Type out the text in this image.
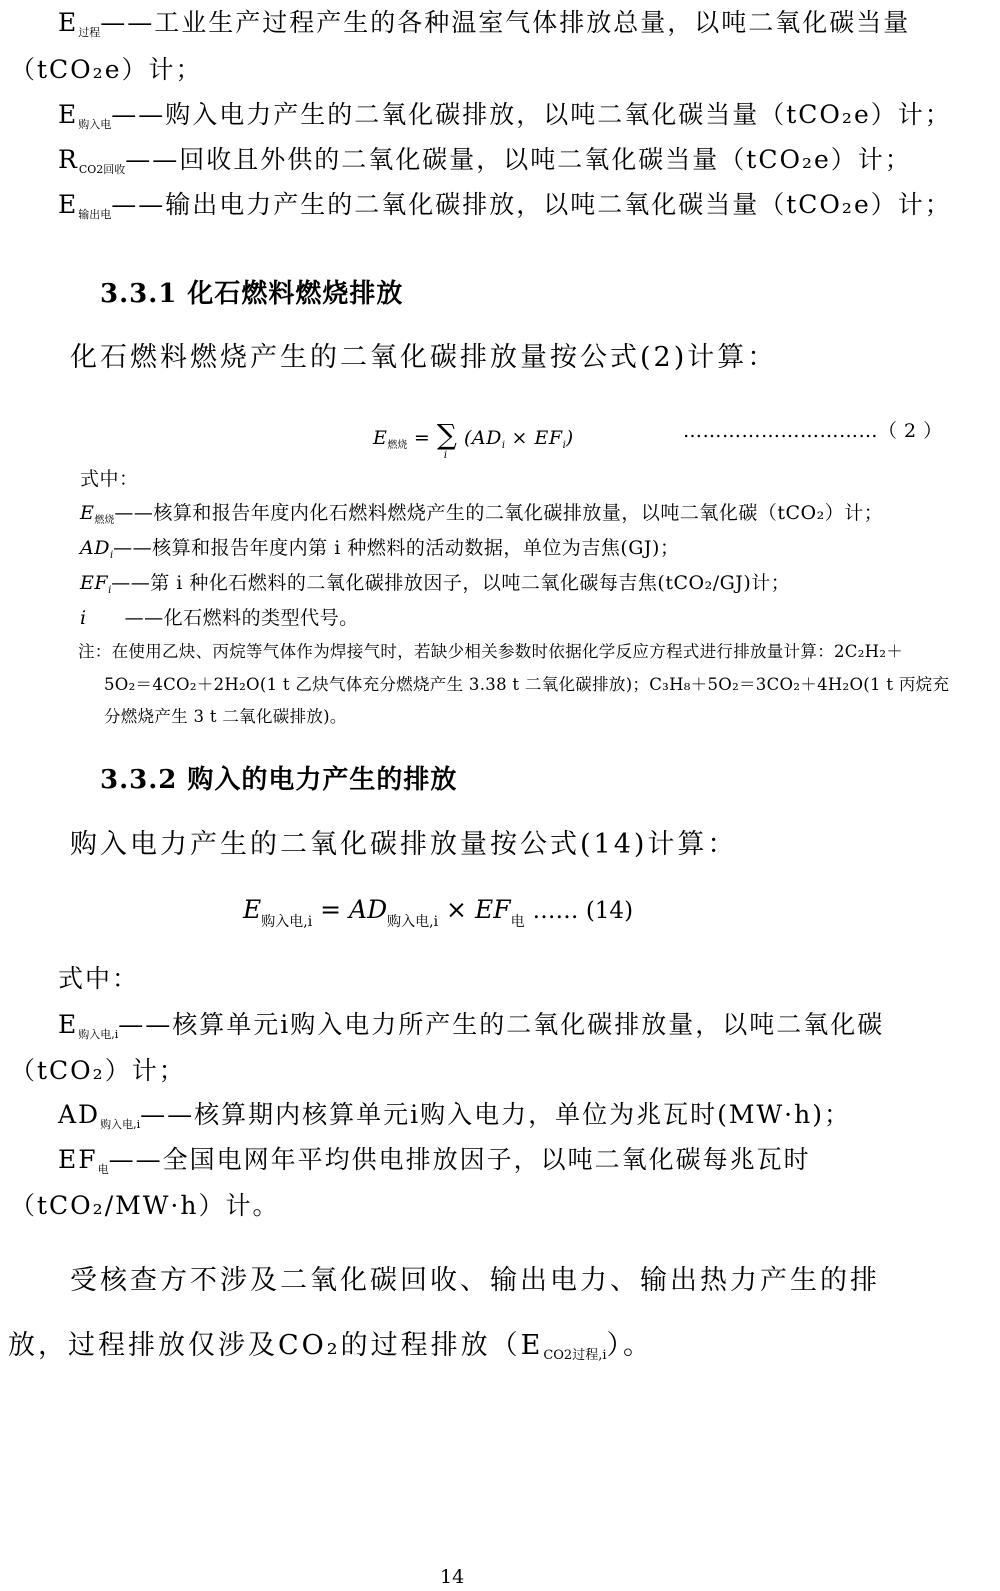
$E_{过程}——$工业生产过程产生的各种温室气体排放总量，以吨二氧化碳当量
（tCO₂e）计；
$E_{购入电}——$购入电力产生的二氧化碳排放，以吨二氧化碳当量（tCO₂e）计；
$R_{CO2回收}——$回收且外供的二氧化碳量，以吨二氧化碳当量（tCO₂e）计；
$E_{输出电}——$输出电力产生的二氧化碳排放，以吨二氧化碳当量（tCO₂e）计；
3.3.1 化石燃料燃烧排放
化石燃料燃烧产生的二氧化碳排放量按公式(2)计算：
$E_{燃烧}$ = ∑
i
$(AD_i \times EF_i)$	…………………………（ 2 ）
式中：
$E_{燃烧}——$核算和报告年度内化石燃料燃烧产生的二氧化碳排放量，以吨二氧化碳（tCO₂）计；
$AD_i——$核算和报告年度内第 i 种燃料的活动数据，单位为吉焦(GJ)；
$EF_i——$第 i 种化石燃料的二氧化碳排放因子，以吨二氧化碳每吉焦(tCO₂/GJ)计；
i ——化石燃料的类型代号。
注：在使用乙炔、丙烷等气体作为焊接气时，若缺少相关参数时依据化学反应方程式进行排放量计算：2C₂H₂＋
5O₂＝4CO₂＋2H₂O(1 t 乙炔气体充分燃烧产生 3.38 t 二氧化碳排放)；C₃H₈＋5O₂＝3CO₂＋4H₂O(1 t 丙烷充
分燃烧产生 3 t 二氧化碳排放)。
3.3.2 购入的电力产生的排放
购入电力产生的二氧化碳排放量按公式(14)计算：
$E_{购入电,i} = AD_{购入电,i} \times EF_电$ …… (14)
式中：
$E_{购入电,i}——$核算单元i购入电力所产生的二氧化碳排放量，以吨二氧化碳
（tCO₂）计；
$AD_{购入电,i}——$核算期内核算单元i购入电力，单位为兆瓦时(MW·h)；
$EF_电——$全国电网年平均供电排放因子，以吨二氧化碳每兆瓦时
（tCO₂/MW·h）计。
受核查方不涉及二氧化碳回收、输出电力、输出热力产生的排
放，过程排放仅涉及CO₂的过程排放$(E_{CO2过程,i})$。
14
